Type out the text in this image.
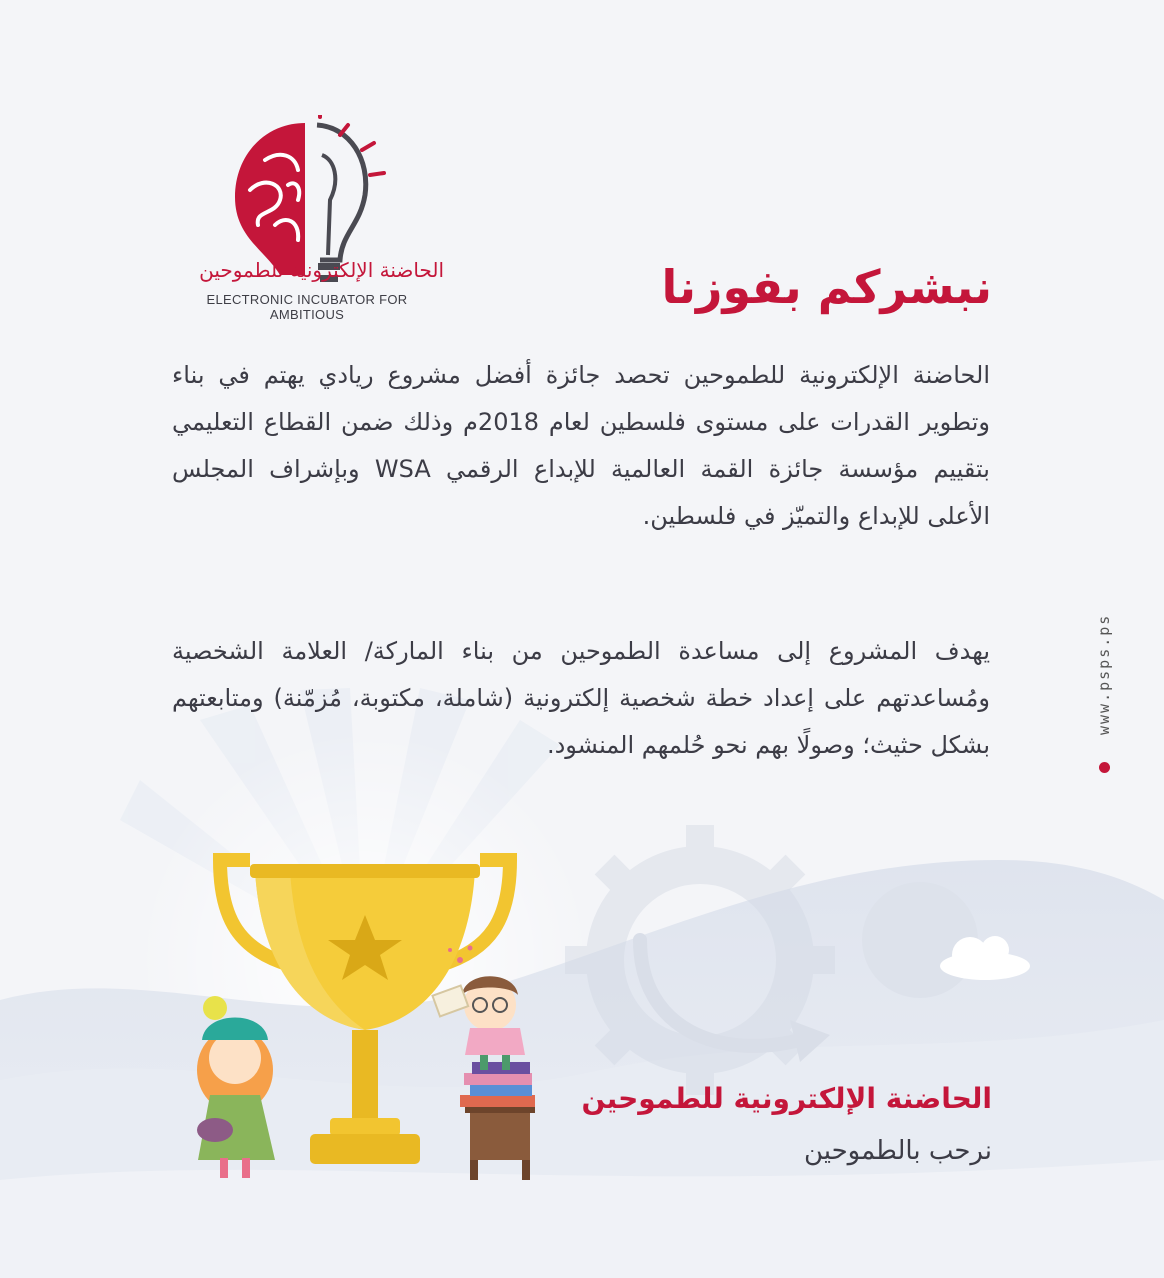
الحاضنة الإلكترونية للطموحين
ELECTRONIC INCUBATOR FOR AMBITIOUS
نبشركم بفوزنا

الحاضنة الإلكترونية للطموحين تحصد جائزة أفضل مشروع ريادي يهتم في بناء وتطوير القدرات على مستوى فلسطين لعام 2018م وذلك ضمن القطاع التعليمي بتقييم مؤسسة جائزة القمة العالمية للإبداع الرقمي WSA وبإشراف المجلس الأعلى للإبداع والتميّز في فلسطين.

يهدف المشروع إلى مساعدة الطموحين من بناء الماركة/ العلامة الشخصية ومُساعدتهم على إعداد خطة شخصية إلكترونية (شاملة، مكتوبة، مُزمّنة) ومتابعتهم بشكل حثيث؛ وصولًا بهم نحو حُلمهم المنشود.

www.psps.ps
الحاضنة الإلكترونية للطموحين
نرحب بالطموحين
